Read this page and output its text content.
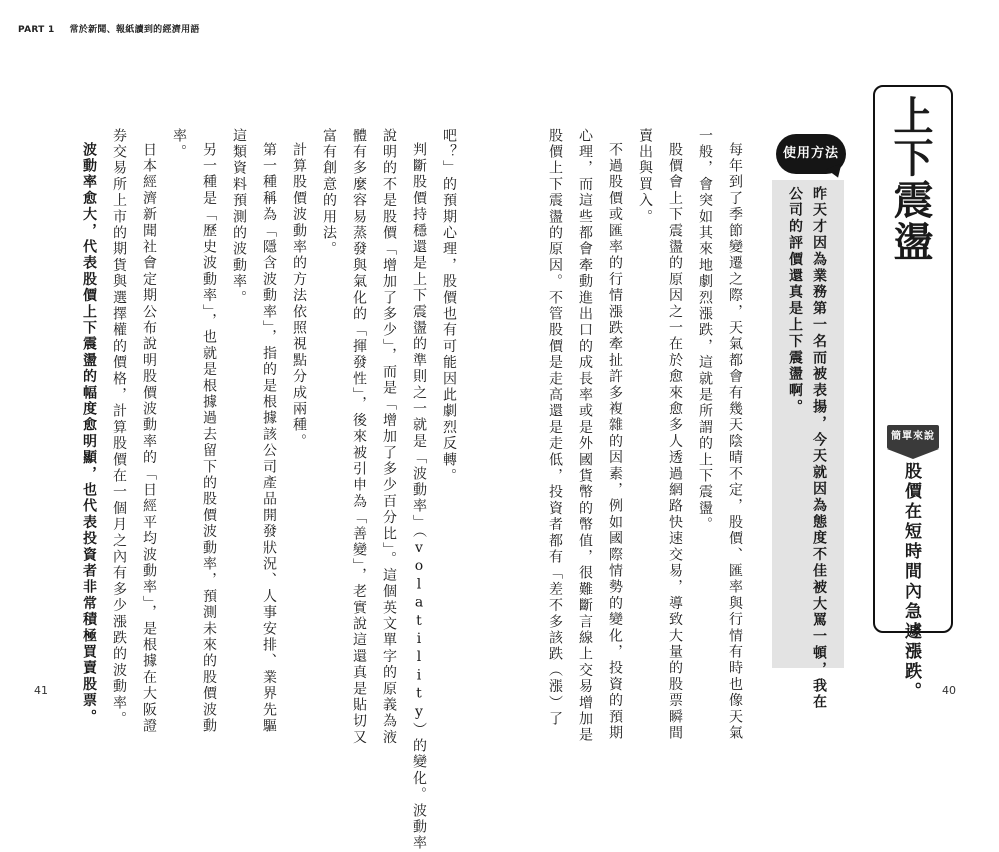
PART 1 常於新聞、報紙讀到的經濟用語
41	40
上下震盪
簡單來說
股價在短時間內急遽漲跌。
使用方法
昨天才因為業務第一名而被表揚，今天就因為態度不佳被大罵一頓，我在
公司的評價還真是上下震盪啊。
每年到了季節變遷之際，天氣都會有幾天陰晴不定，股價、匯率與行情有時也像天氣
一般，會突如其來地劇烈漲跌，這就是所謂的上下震盪。
股價會上下震盪的原因之一在於愈來愈多人透過網路快速交易，導致大量的股票瞬間
賣出與買入。
不過股價或匯率的行情漲跌牽扯許多複雜的因素，例如國際情勢的變化，投資的預期
心理，而這些都會牽動進出口的成長率或是外國貨幣的幣值，很難斷言線上交易增加是
股價上下震盪的原因。不管股價是走高還是走低，投資者都有「差不多該跌（漲）了
吧？」的預期心理，股價也有可能因此劇烈反轉。
判斷股價持穩還是上下震盪的準則之一就是「波動率」（volatility）的變化。波動率
說明的不是股價「增加了多少」，而是「增加了多少百分比」。這個英文單字的原義為液
體有多麼容易蒸發與氣化的「揮發性」，後來被引申為「善變」，老實說這還真是貼切又
富有創意的用法。
計算股價波動率的方法依照視點分成兩種。
第一種稱為「隱含波動率」，指的是根據該公司產品開發狀況、人事安排、業界先驅
這類資料預測的波動率。
另一種是「歷史波動率」，也就是根據過去留下的股價波動率，預測未來的股價波動
率。
日本經濟新聞社會定期公布說明股價波動率的「日經平均波動率」，是根據在大阪證
券交易所上市的期貨與選擇權的價格，計算股價在一個月之內有多少漲跌的波動率。
波動率愈大，代表股價上下震盪的幅度愈明顯，也代表投資者非常積極買賣股票。
